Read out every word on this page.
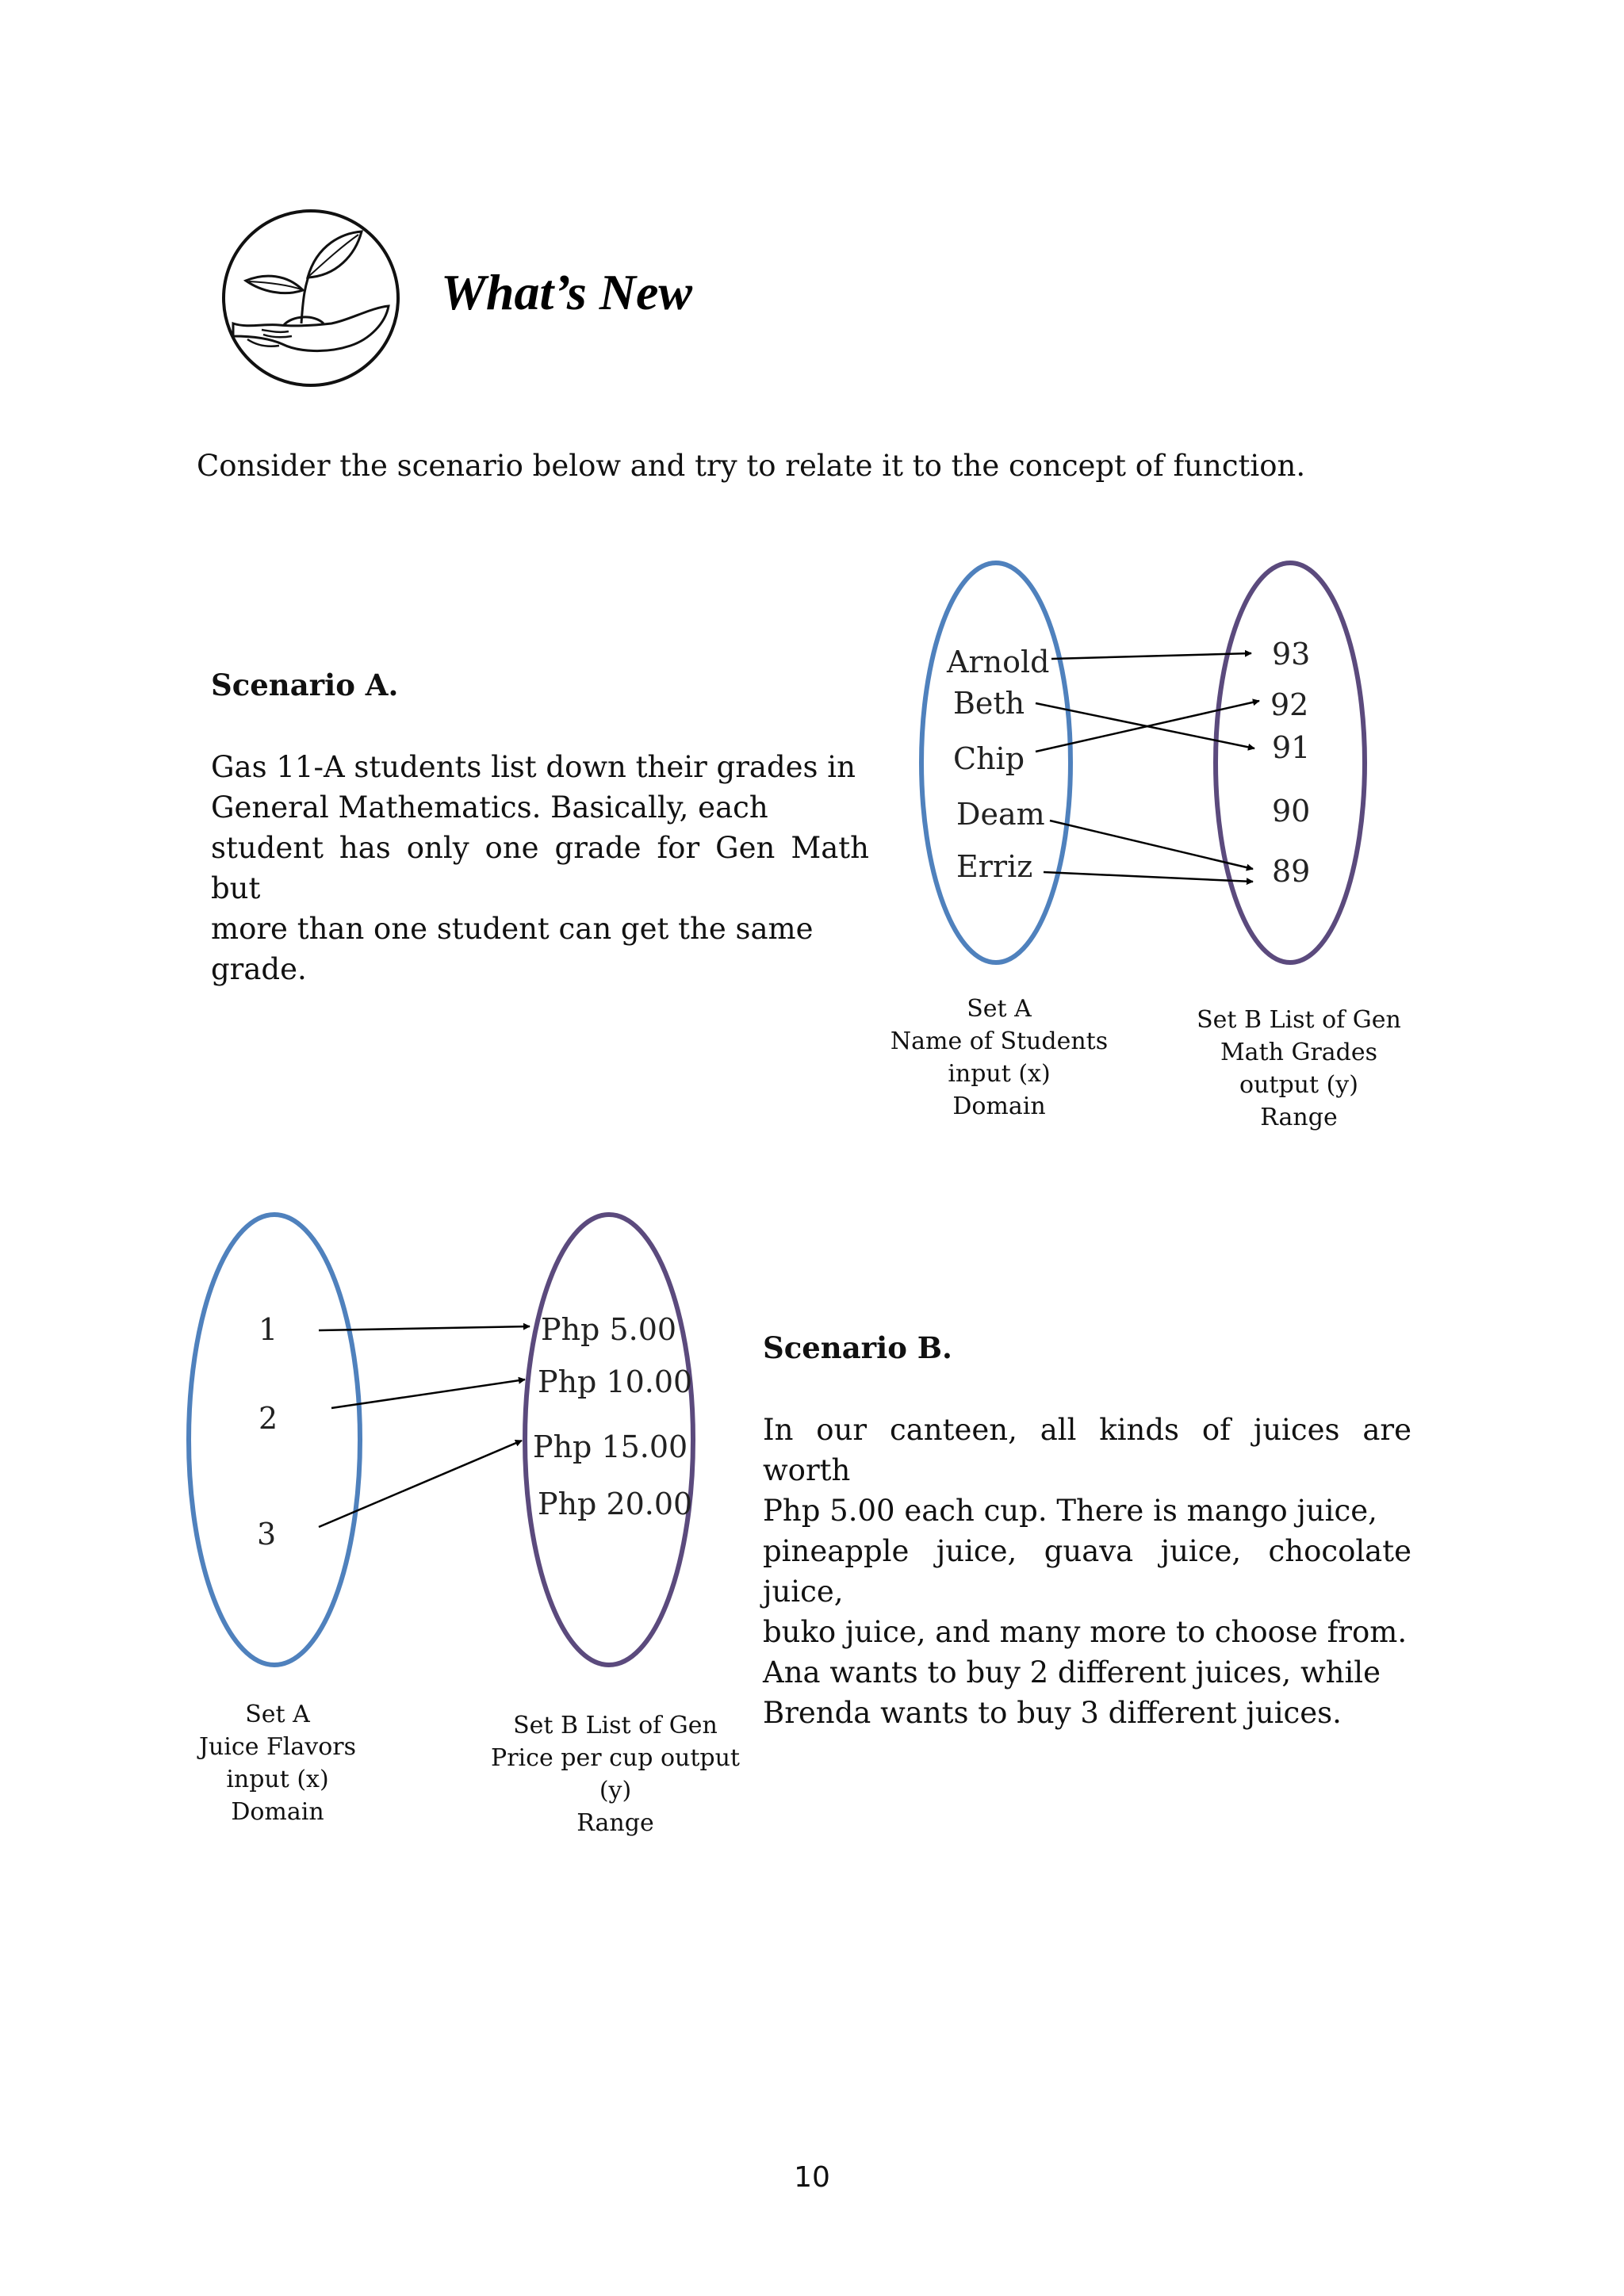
What’s New
Consider the scenario below and try to relate it to the concept of function.
Scenario A.
Gas 11-A students list down their grades in
General Mathematics. Basically, each
student has only one grade for Gen Math but
more than one student can get the same
grade.
Scenario B.
In our canteen, all kinds of juices are worth
Php 5.00 each cup. There is mango juice,
pineapple juice, guava juice, chocolate juice,
buko juice, and many more to choose from.
Ana wants to buy 2 different juices, while
Brenda wants to buy 3 different juices.
Arnold
Beth
Chip
Deam
Erriz
93
92
91
90
89
1
2
3
Php 5.00
Php 10.00
Php 15.00
Php 20.00
Set A
Name of Students
input (x)
Domain
Set B List of Gen
Math Grades
output (y)
Range
Set A
Juice Flavors
input (x)
Domain
Set B List of Gen
Price per cup output
(y)
Range
10
